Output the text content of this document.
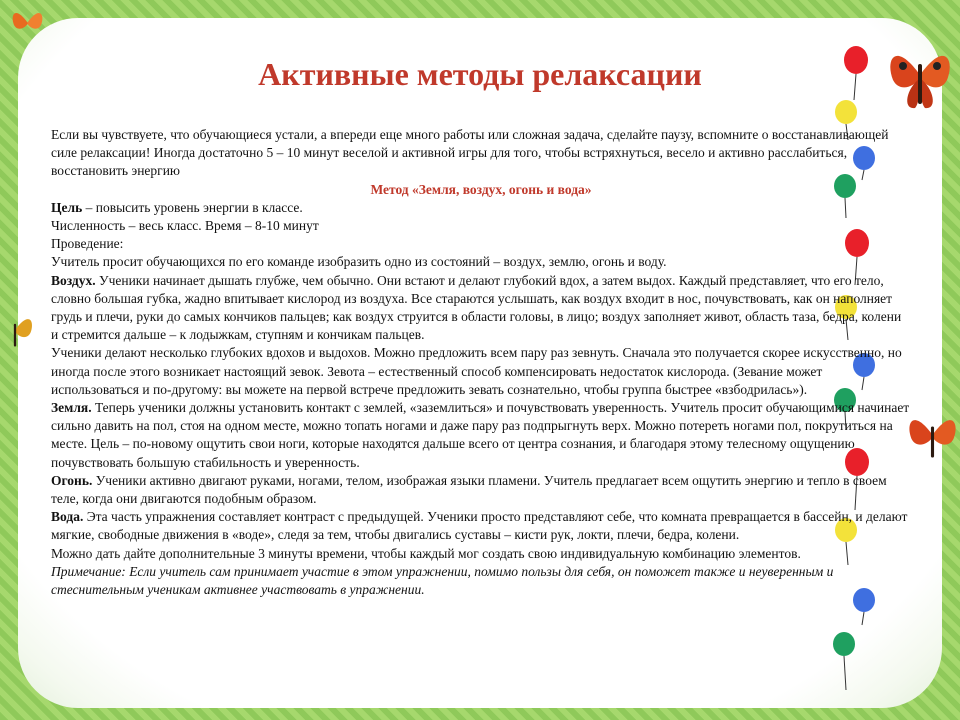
Активные методы релаксации

Если вы чувствуете, что обучающиеся устали, а впереди еще много работы или сложная задача, сделайте паузу, вспомните о восстанавливающей силе релаксации! Иногда достаточно 5 – 10 минут веселой и активной игры для того, чтобы встряхнуться, весело и активно расслабиться, восстановить энергию

Метод «Земля, воздух, огонь и вода»

Цель – повысить уровень энергии в классе.

Численность – весь класс. Время – 8-10 минут

Проведение:

Учитель просит обучающихся по его команде изобразить одно из состояний – воздух, землю, огонь и воду.

Воздух. Ученики начинает дышать глубже, чем обычно. Они встают и делают глубокий вдох, а затем выдох. Каждый представляет, что его тело, словно большая губка, жадно впитывает кислород из воздуха. Все стараются услышать, как воздух входит в нос, почувствовать, как он наполняет грудь и плечи, руки до самых кончиков пальцев; как воздух струится в области головы, в лицо; воздух заполняет живот, область таза, бедра, колени и стремится дальше – к лодыжкам, ступням и кончикам пальцев.

Ученики делают несколько глубоких вдохов и выдохов. Можно предложить всем пару раз зевнуть. Сначала это получается скорее искусственно, но иногда после этого возникает настоящий зевок. Зевота – естественный способ компенсировать недостаток кислорода. (Зевание может использоваться и по-другому: вы можете на первой встрече предложить зевать сознательно, чтобы группа быстрее «взбодрилась»).

Земля. Теперь ученики должны установить контакт с землей, «заземлиться» и почувствовать уверенность. Учитель просит обучающимися начинает сильно давить на пол, стоя на одном месте, можно топать ногами и даже пару раз подпрыгнуть верх. Можно потереть ногами пол, покрутиться на месте. Цель – по-новому ощутить свои ноги, которые находятся дальше всего от центра сознания, и благодаря этому телесному ощущению почувствовать большую стабильность и уверенность.

Огонь. Ученики активно двигают руками, ногами, телом, изображая языки пламени. Учитель предлагает всем ощутить энергию и тепло в своем теле, когда они двигаются подобным образом.

Вода. Эта часть упражнения составляет контраст с предыдущей. Ученики просто представляют себе, что комната превращается в бассейн, и делают мягкие, свободные движения в «воде», следя за тем, чтобы двигались суставы – кисти рук, локти, плечи, бедра, колени.

Можно дать дайте дополнительные 3 минуты времени, чтобы каждый мог создать свою индивидуальную комбинацию элементов.

Примечание: Если учитель сам принимает участие в этом упражнении, помимо пользы для себя, он поможет также и неуверенным и стеснительным ученикам активнее участвовать в упражнении.
